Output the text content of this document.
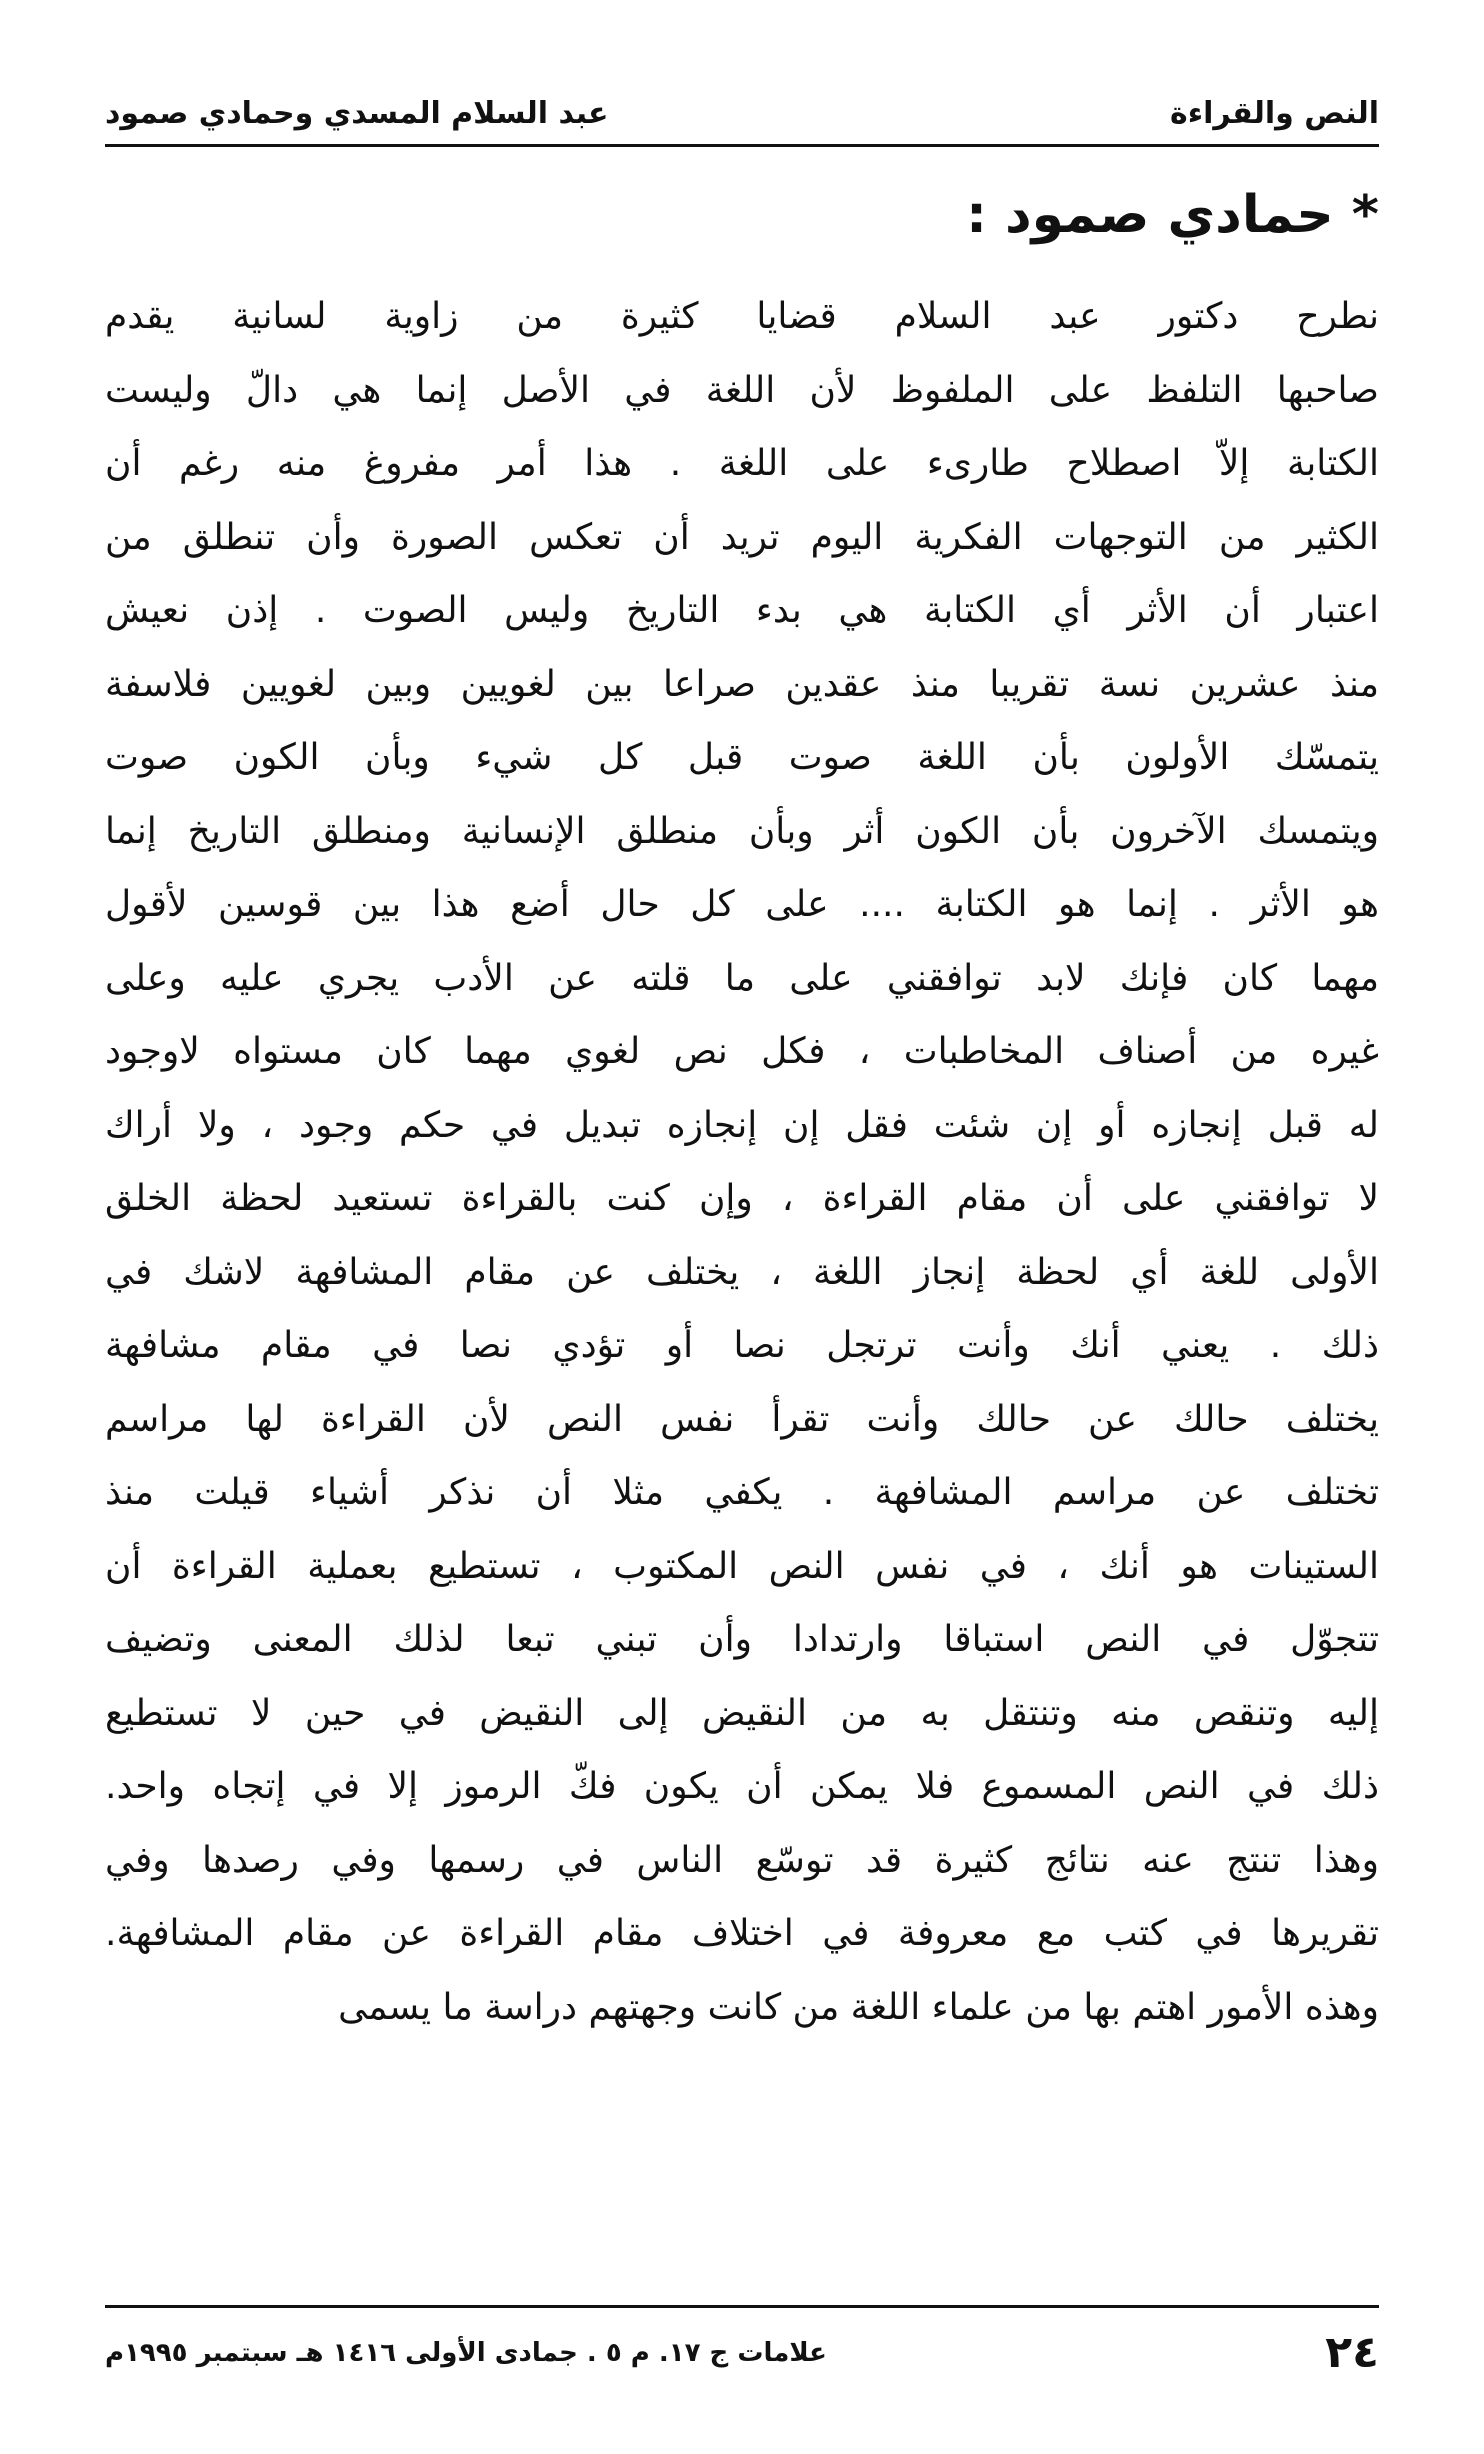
النص والقراءة
عبد السلام المسدي وحمادي صمود
* حمادي صمود :
نطرح دكتور عبد السلام قضايا كثيرة من زاوية لسانية يقدم
صاحبها التلفظ على الملفوظ لأن اللغة في الأصل إنما هي دالّ وليست
الكتابة إلاّ اصطلاح طارىء على اللغة . هذا أمر مفروغ منه رغم أن
الكثير من التوجهات الفكرية اليوم تريد أن تعكس الصورة وأن تنطلق من
اعتبار أن الأثر أي الكتابة هي بدء التاريخ وليس الصوت . إذن نعيش
منذ عشرين نسة تقريبا منذ عقدين صراعا بين لغويين وبين لغويين فلاسفة
يتمسّك الأولون بأن اللغة صوت قبل كل شيء وبأن الكون صوت
ويتمسك الآخرون بأن الكون أثر وبأن منطلق الإنسانية ومنطلق التاريخ إنما
هو الأثر . إنما هو الكتابة .... على كل حال أضع هذا بين قوسين لأقول
مهما كان فإنك لابد توافقني على ما قلته عن الأدب يجري عليه وعلى
غيره من أصناف المخاطبات ، فكل نص لغوي مهما كان مستواه لاوجود
له قبل إنجازه أو إن شئت فقل إن إنجازه تبديل في حكم وجود ، ولا أراك
لا توافقني على أن مقام القراءة ، وإن كنت بالقراءة تستعيد لحظة الخلق
الأولى للغة أي لحظة إنجاز اللغة ، يختلف عن مقام المشافهة لاشك في
ذلك . يعني أنك وأنت ترتجل نصا أو تؤدي نصا في مقام مشافهة
يختلف حالك عن حالك وأنت تقرأ نفس النص لأن القراءة لها مراسم
تختلف عن مراسم المشافهة . يكفي مثلا أن نذكر أشياء قيلت منذ
الستينات هو أنك ، في نفس النص المكتوب ، تستطيع بعملية القراءة أن
تتجوّل في النص استباقا وارتدادا وأن تبني تبعا لذلك المعنى وتضيف
إليه وتنقص منه وتنتقل به من النقيض إلى النقيض في حين لا تستطيع
ذلك في النص المسموع فلا يمكن أن يكون فكّ الرموز إلا في إتجاه واحد.
وهذا تنتج عنه نتائج كثيرة قد توسّع الناس في رسمها وفي رصدها وفي
تقريرها في كتب مع معروفة في اختلاف مقام القراءة عن مقام المشافهة.
وهذه الأمور اهتم بها من علماء اللغة من كانت وجهتهم دراسة ما يسمى
٢٤
علامات ج ١٧. م ٥ . جمادى الأولى ١٤١٦ هـ سبتمبر ١٩٩٥م
